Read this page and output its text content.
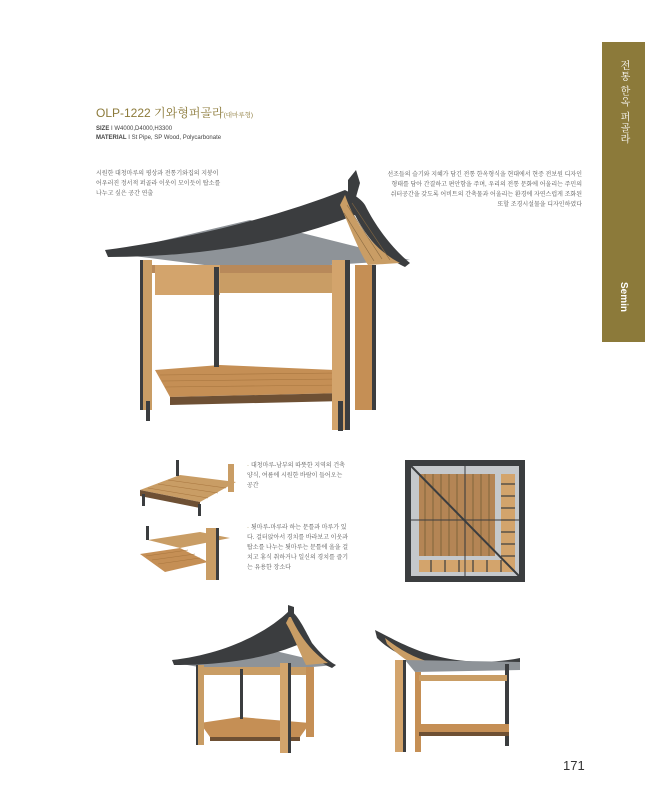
전통 한옥 퍼골라
Semin
OLP-1222 기와형퍼골라(대마루형)
SIZE I W4000,D4000,H3300
MATERIAL I St Pipe, SP Wood, Polycarbonate
시원한 대청마루의 평상과 전통기와집의 지붕이 어우러진 정서적 퍼골라 이웃이 모이듯이 탑소를 나누고 싶은 공간 연출
선조들의 슬기와 지혜가 담긴 전통 한옥형식을 현대에서 현증 전보원 디자인 형태를 담아 간결하고 편안함을 주며, 우리의 전통 문화에 어울리는 주민의 쉬터공간을 갖도록 어비트의 간축물과 어울리는 환경에 자연스럽게 조화된 또할 조경시설물을 디자인하였다
· 대청마루-남부의 따뜻한 지역의 건축양식, 여름에 시원한 바람이 들어오는 공간
· 툇마루-마루라 하는 문틀과 마루가 있다. 걸터앉아서 경치를 바라보고 이웃과 탑소를 나누는 툇마루는 문틀에 올을 걸치고 휴식 취하거나 일신의 경치를 즐기는 유용한 장소다
171
